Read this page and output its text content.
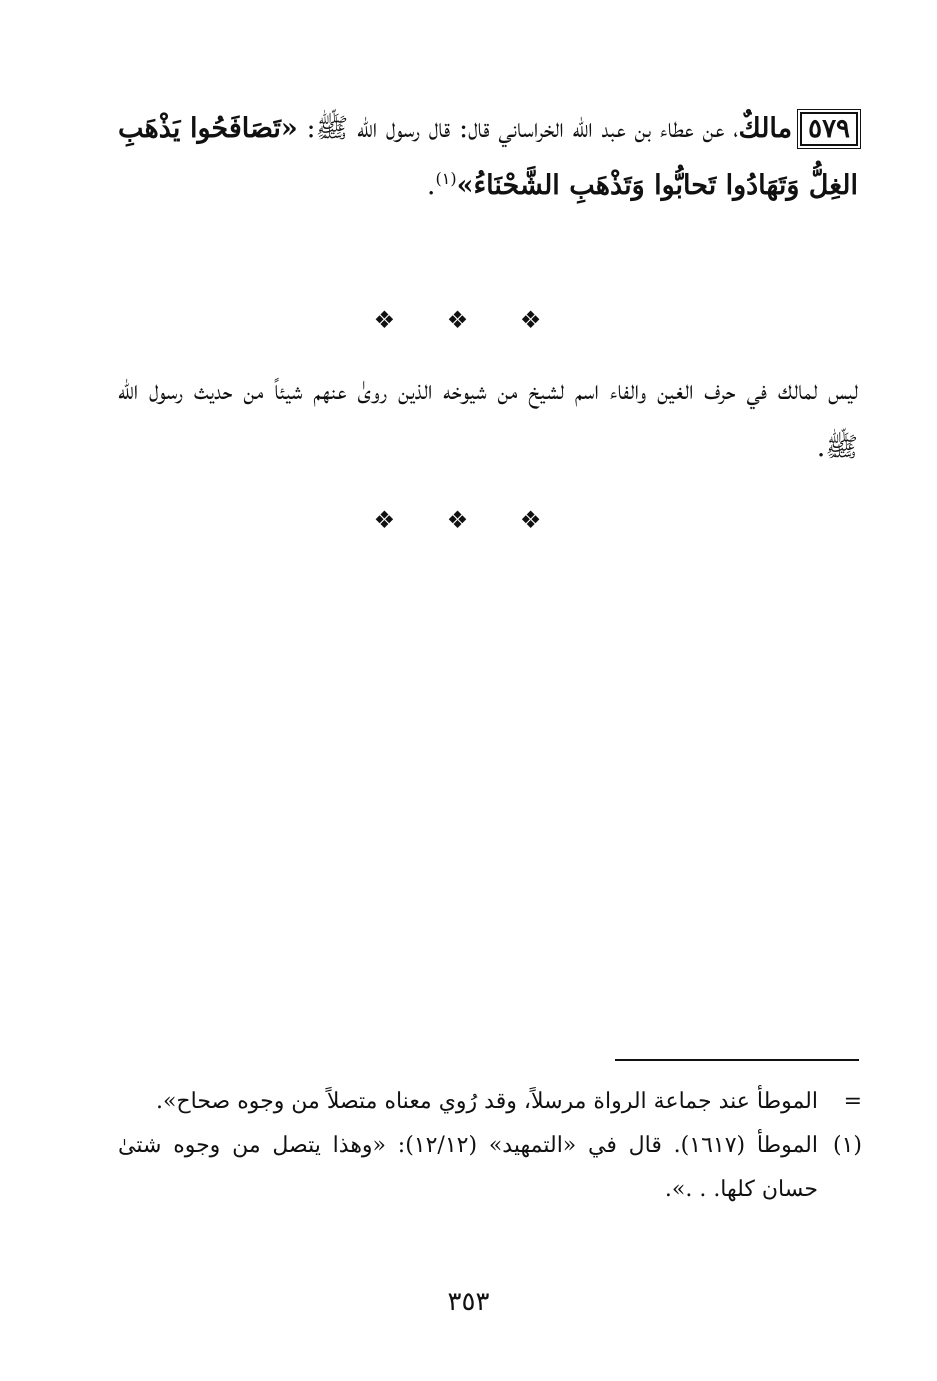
٥٧٩مالكٌ، عن عطاء بن عبد الله الخراساني قال: قال رسول الله ﷺ: «تَصَافَحُوا يَذْهَبِ الغِلُّ وَتَهَادُوا تَحابُّوا وَتَذْهَبِ الشَّحْنَاءُ»$^{(١)}$.
❖ ❖ ❖
ليس لمالك في حرف الغين والفاء اسم لشيخ من شيوخه الذين روىٰ عنهم شيئاً من حديث رسول الله ﷺ.
❖ ❖ ❖
=
الموطأ عند جماعة الرواة مرسلاً، وقد رُوي معناه متصلاً من وجوه صحاح».
(١)
الموطأ (١٦١٧). قال في «التمهيد» (١٢/١٢): «وهذا يتصل من وجوه شتىٰ حسان كلها. . .».
٣٥٣
